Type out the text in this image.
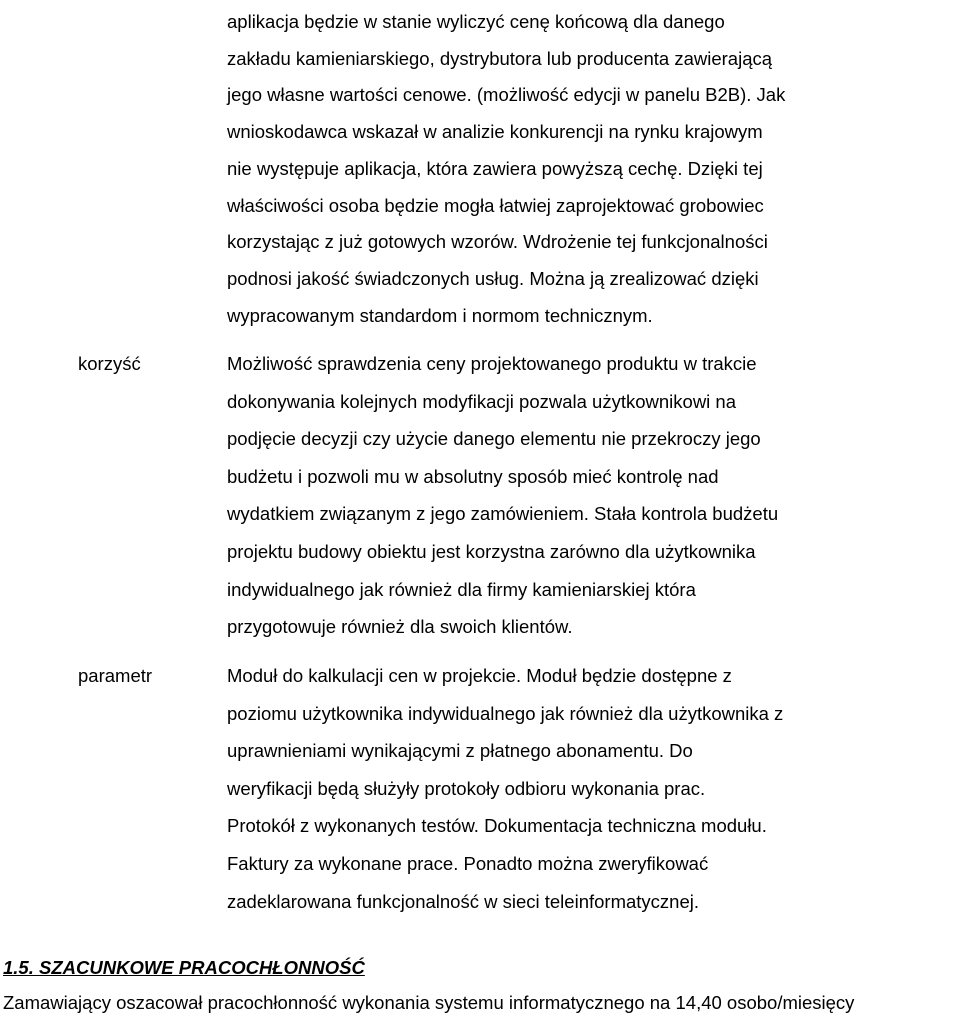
aplikacja będzie w stanie wyliczyć cenę końcową dla danego
zakładu kamieniarskiego, dystrybutora lub producenta zawierającą
jego własne wartości cenowe. (możliwość edycji w panelu B2B). Jak
wnioskodawca wskazał w analizie konkurencji na rynku krajowym
nie występuje aplikacja, która zawiera powyższą cechę. Dzięki tej
właściwości osoba będzie mogła łatwiej zaprojektować grobowiec
korzystając z już gotowych wzorów. Wdrożenie tej funkcjonalności
podnosi jakość świadczonych usług. Można ją zrealizować dzięki
wypracowanym standardom i normom technicznym.

korzyść	Możliwość sprawdzenia ceny projektowanego produktu w trakcie
dokonywania kolejnych modyfikacji pozwala użytkownikowi na
podjęcie decyzji czy użycie danego elementu nie przekroczy jego
budżetu i pozwoli mu w absolutny sposób mieć kontrolę nad
wydatkiem związanym z jego zamówieniem. Stała kontrola budżetu
projektu budowy obiektu jest korzystna zarówno dla użytkownika
indywidualnego jak również dla firmy kamieniarskiej która
przygotowuje również dla swoich klientów.

parametr	Moduł do kalkulacji cen w projekcie. Moduł będzie dostępne z
poziomu użytkownika indywidualnego jak również dla użytkownika z
uprawnieniami wynikającymi z płatnego abonamentu. Do
weryfikacji będą służyły protokoły odbioru wykonania prac.
Protokół z wykonanych testów. Dokumentacja techniczna modułu.
Faktury za wykonane prace. Ponadto można zweryfikować
zadeklarowana funkcjonalność w sieci teleinformatycznej.

1.5. SZACUNKOWE PRACOCHŁONNOŚĆ

Zamawiający oszacował pracochłonność wykonania systemu informatycznego na 14,40 osobo/miesięcy
